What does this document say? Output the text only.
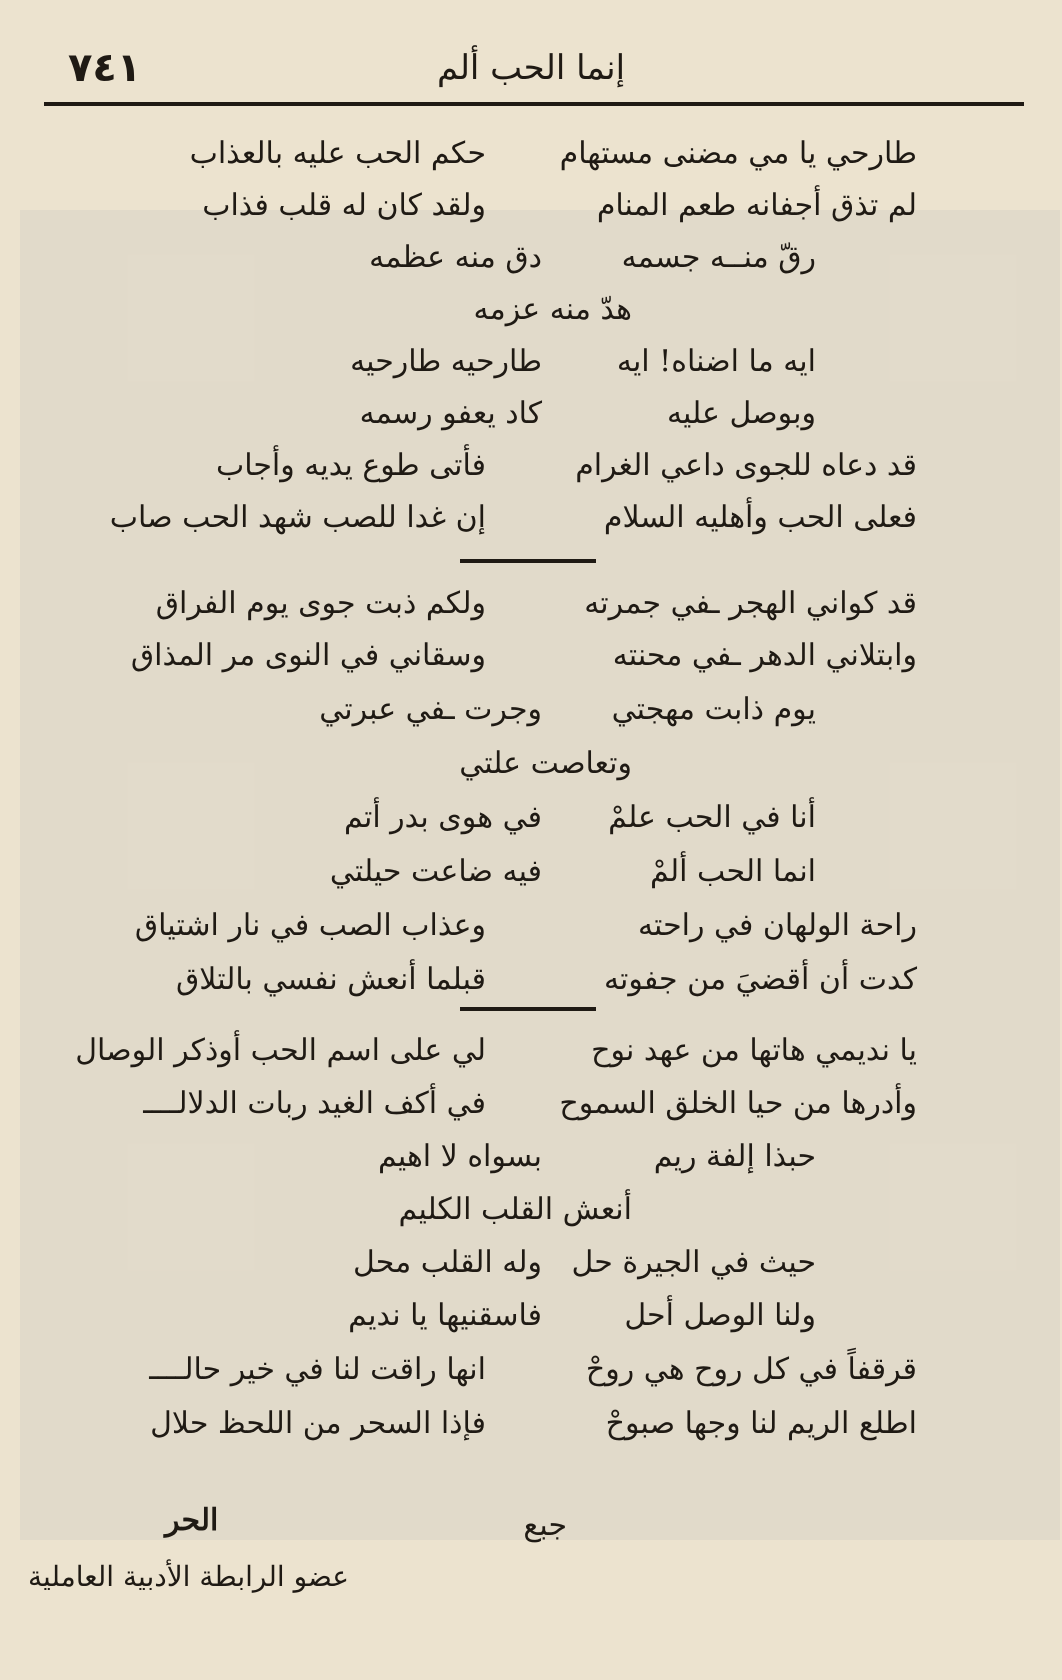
٧٤١	إنما الحب ألم
طارحي يا مي مضنى مستهام
حكم الحب عليه بالعذاب
لم تذق أجفانه طعم المنام
ولقد كان له قلب فذاب
رقّ منــه جسمه
دق منه عظمه
هدّ منه عزمه
ايه ما اضناه! ايه
طارحيه طارحيه
وبوصل عليه
كاد يعفو رسمه
قد دعاه للجوى داعي الغرام
فأتى طوع يديه وأجاب
فعلى الحب وأهليه السلام
إن غدا للصب شهد الحب صاب
قد كواني الهجر ـفي جمرته
ولكم ذبت جوى يوم الفراق
وابتلاني الدهر ـفي محنته
وسقاني في النوى مر المذاق
يوم ذابت مهجتي
وجرت ـفي عبرتي
وتعاصت علتي
أنا في الحب علمْ
في هوى بدر أتم
انما الحب ألمْ
فيه ضاعت حيلتي
راحة الولهان في راحته
وعذاب الصب في نار اشتياق
كدت أن أقضيَ من جفوته
قبلما أنعش نفسي بالتلاق
يا نديمي هاتها من عهد نوح
لي على اسم الحب أوذكر الوصال
وأدرها من حيا الخلق السموح
في أكف الغيد ربات الدلالــــ
حبذا إلفة ريم
بسواه لا اهيم
أنعش القلب الكليم
حيث في الجيرة حل
وله القلب محل
ولنا الوصل أحل
فاسقنيها يا نديم
قرقفاً في كل روح هي روحْ
انها راقت لنا في خير حالــــ
اطلع الريم لنا وجها صبوحْ
فإذا السحر من اللحظ حلال
جبع
الحر
عضو الرابطة الأدبية العاملية
